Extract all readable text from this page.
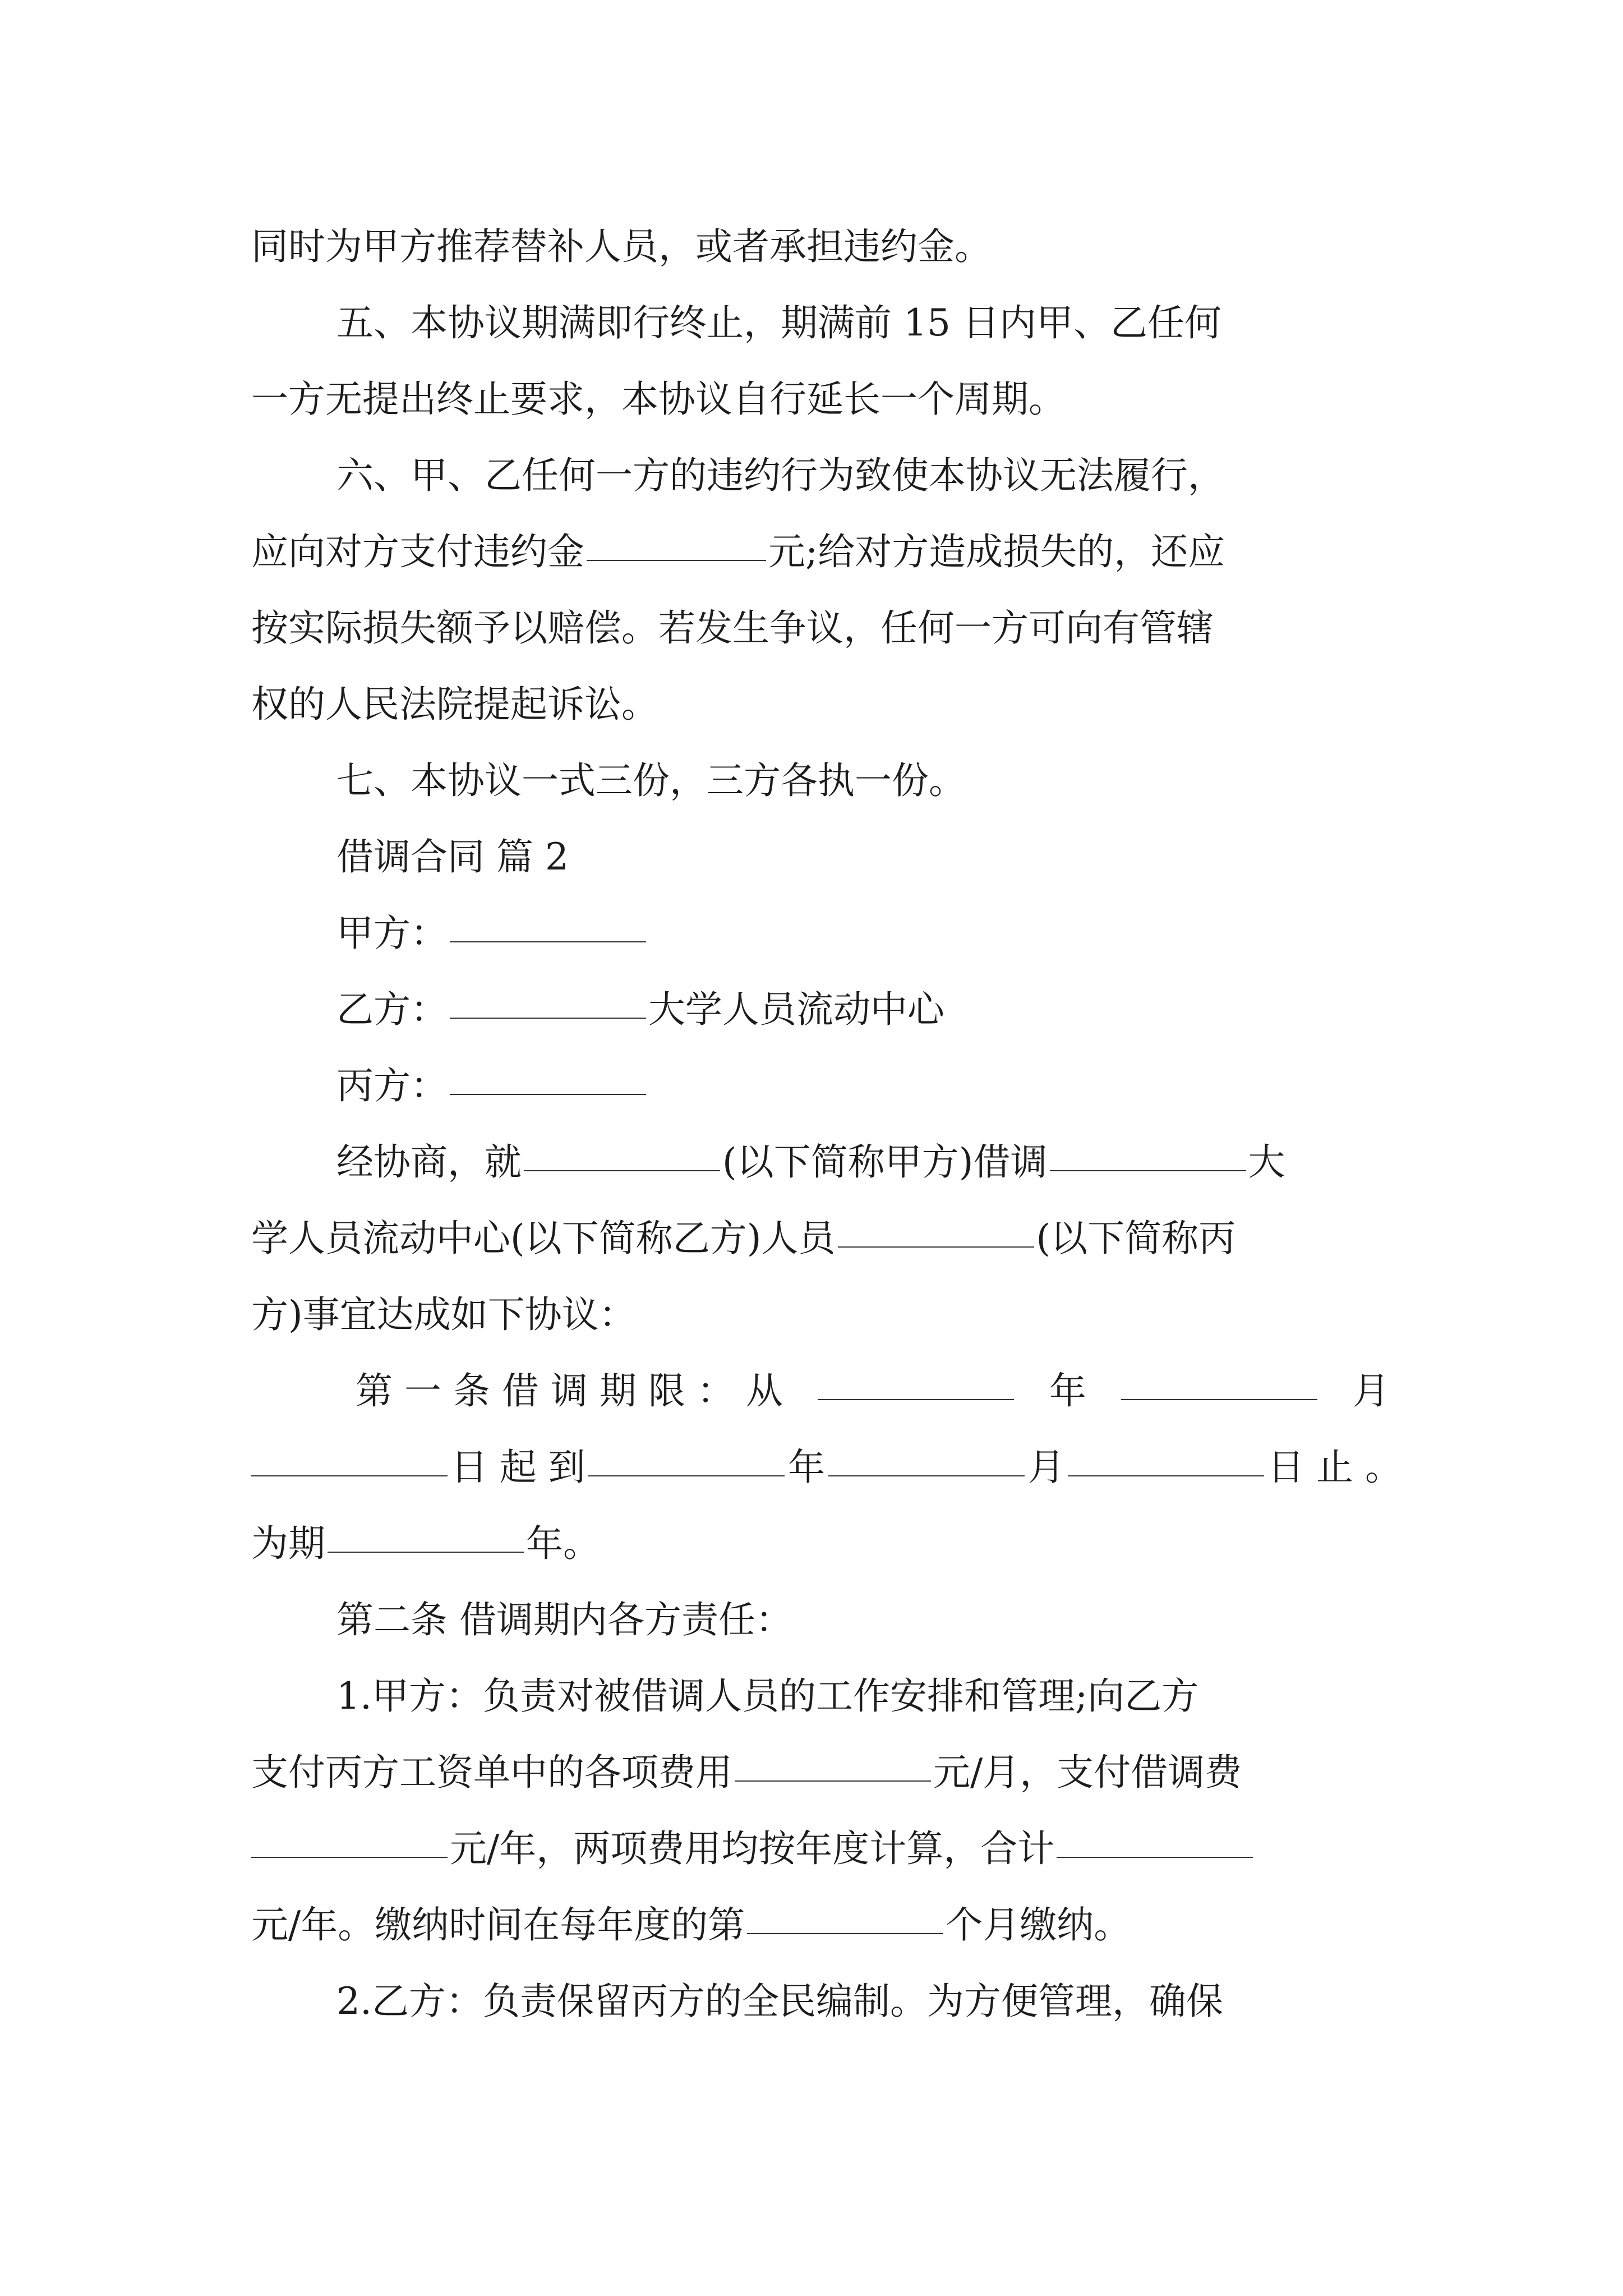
同时为甲方推荐替补人员，或者承担违约金。
五、本协议期满即行终止，期满前 15 日内甲、乙任何
一方无提出终止要求，本协议自行延长一个周期。
六、甲、乙任何一方的违约行为致使本协议无法履行，
应向对方支付违约金	元;给对方造成损失的，还应
按实际损失额予以赔偿。若发生争议，任何一方可向有管辖
权的人民法院提起诉讼。
七、本协议一式三份，三方各执一份。
借调合同 篇 2
甲方：
乙方：	大学人员流动中心
丙方：
经协商，就	(以下简称甲方)借调	大
学人员流动中心(以下简称乙方)人员	(以下简称丙
方)事宜达成如下协议：
第 一 条 借 调 期 限 ： 从	年	月
日 起 到	年	月	日 止 。
为期	年。
第二条 借调期内各方责任：
1.甲方：负责对被借调人员的工作安排和管理;向乙方
支付丙方工资单中的各项费用	元/月，支付借调费
元/年，两项费用均按年度计算，合计
元/年。缴纳时间在每年度的第	个月缴纳。
2.乙方：负责保留丙方的全民编制。为方便管理，确保
